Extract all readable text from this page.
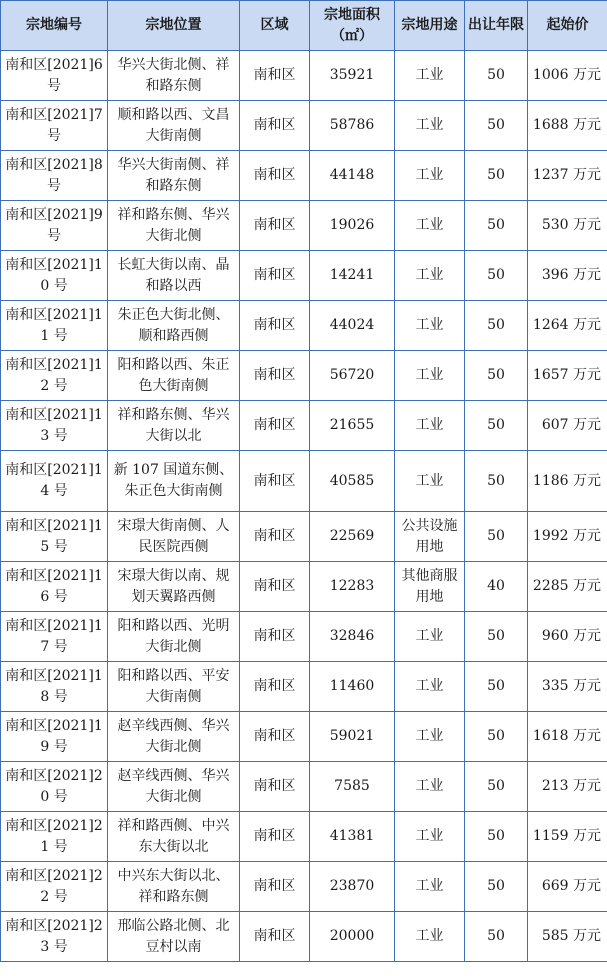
宗地编号	宗地位置	区域	宗地面积（㎡）	宗地用途	出让年限	起始价
南和区[2021]6 号	华兴大街北侧、祥和路东侧	南和区	35921	工业	50	1006 万元
南和区[2021]7 号	顺和路以西、文昌大街南侧	南和区	58786	工业	50	1688 万元
南和区[2021]8 号	华兴大街南侧、祥和路东侧	南和区	44148	工业	50	1237 万元
南和区[2021]9 号	祥和路东侧、华兴大街北侧	南和区	19026	工业	50	530 万元
南和区[2021]10 号	长虹大街以南、晶和路以西	南和区	14241	工业	50	396 万元
南和区[2021]11 号	朱正色大街北侧、顺和路西侧	南和区	44024	工业	50	1264 万元
南和区[2021]12 号	阳和路以西、朱正色大街南侧	南和区	56720	工业	50	1657 万元
南和区[2021]13 号	祥和路东侧、华兴大街以北	南和区	21655	工业	50	607 万元
南和区[2021]14 号	新 107 国道东侧、朱正色大街南侧	南和区	40585	工业	50	1186 万元
南和区[2021]15 号	宋璟大街南侧、人民医院西侧	南和区	22569	公共设施用地	50	1992 万元
南和区[2021]16 号	宋璟大街以南、规划天翼路西侧	南和区	12283	其他商服用地	40	2285 万元
南和区[2021]17 号	阳和路以西、光明大街北侧	南和区	32846	工业	50	960 万元
南和区[2021]18 号	阳和路以西、平安大街南侧	南和区	11460	工业	50	335 万元
南和区[2021]19 号	赵辛线西侧、华兴大街北侧	南和区	59021	工业	50	1618 万元
南和区[2021]20 号	赵辛线西侧、华兴大街北侧	南和区	7585	工业	50	213 万元
南和区[2021]21 号	祥和路西侧、中兴东大街以北	南和区	41381	工业	50	1159 万元
南和区[2021]22 号	中兴东大街以北、祥和路东侧	南和区	23870	工业	50	669 万元
南和区[2021]23 号	邢临公路北侧、北豆村以南	南和区	20000	工业	50	585 万元
